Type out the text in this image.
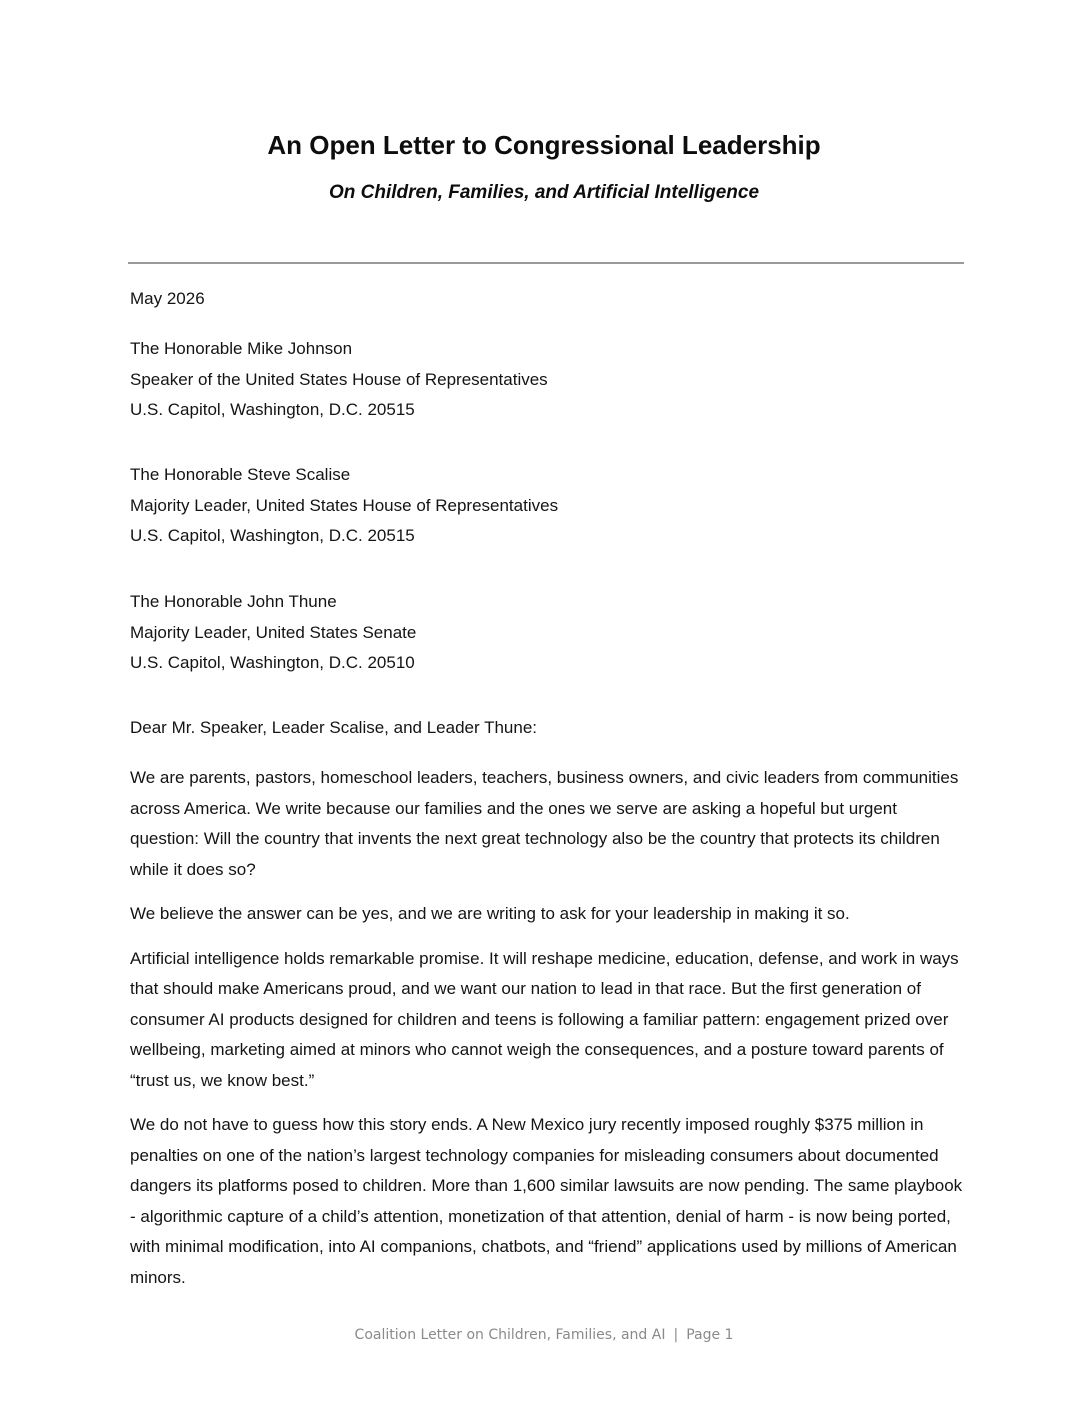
An Open Letter to Congressional Leadership
On Children, Families, and Artificial Intelligence
May 2026
The Honorable Mike Johnson
Speaker of the United States House of Representatives
U.S. Capitol, Washington, D.C. 20515
The Honorable Steve Scalise
Majority Leader, United States House of Representatives
U.S. Capitol, Washington, D.C. 20515
The Honorable John Thune
Majority Leader, United States Senate
U.S. Capitol, Washington, D.C. 20510
Dear Mr. Speaker, Leader Scalise, and Leader Thune:

We are parents, pastors, homeschool leaders, teachers, business owners, and civic leaders from communities across America. We write because our families and the ones we serve are asking a hopeful but urgent question: Will the country that invents the next great technology also be the country that protects its children while it does so?

We believe the answer can be yes, and we are writing to ask for your leadership in making it so.

Artificial intelligence holds remarkable promise. It will reshape medicine, education, defense, and work in ways that should make Americans proud, and we want our nation to lead in that race. But the first generation of consumer AI products designed for children and teens is following a familiar pattern: engagement prized over wellbeing, marketing aimed at minors who cannot weigh the consequences, and a posture toward parents of “trust us, we know best.”

We do not have to guess how this story ends. A New Mexico jury recently imposed roughly $375 million in penalties on one of the nation’s largest technology companies for misleading consumers about documented dangers its platforms posed to children. More than 1,600 similar lawsuits are now pending. The same playbook - algorithmic capture of a child’s attention, monetization of that attention, denial of harm - is now being ported, with minimal modification, into AI companions, chatbots, and “friend” applications used by millions of American minors.

Coalition Letter on Children, Families, and AI | Page 1
